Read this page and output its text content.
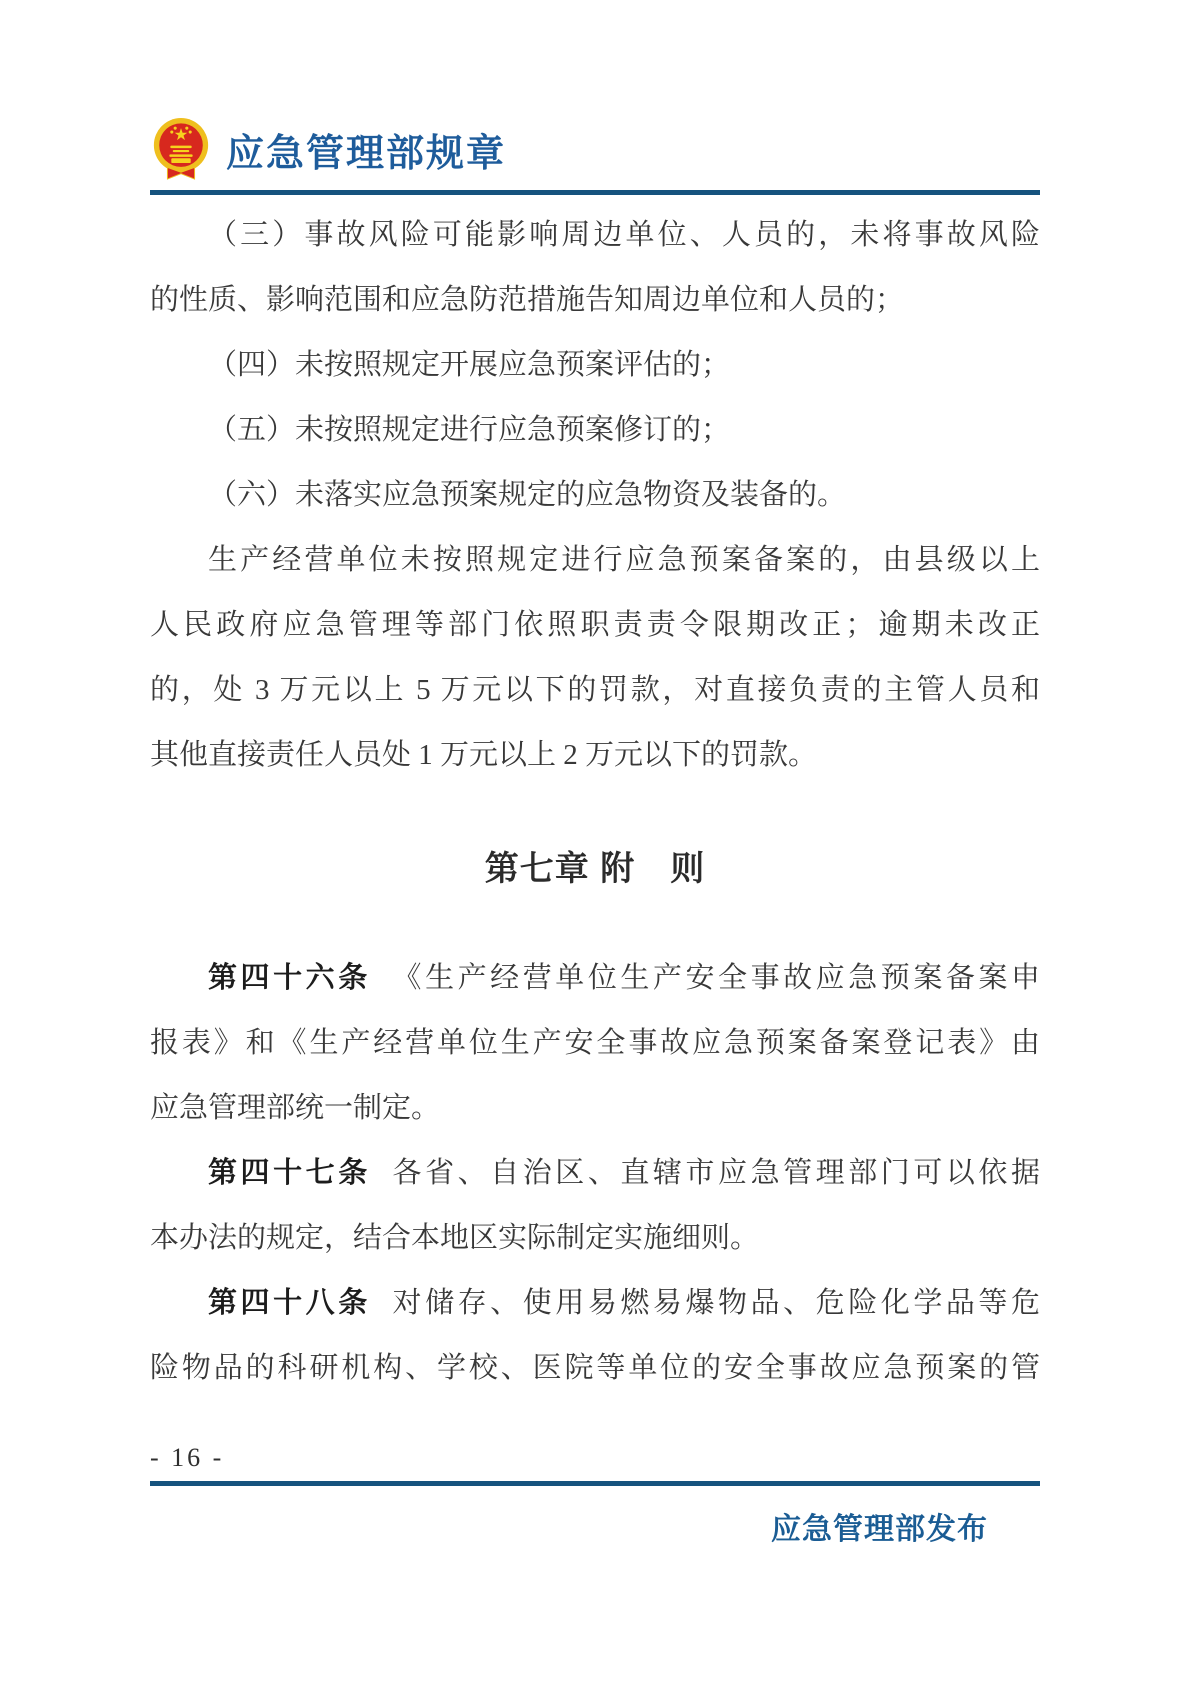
应急管理部规章
（三）事故风险可能影响周边单位、人员的，未将事故风险
的性质、影响范围和应急防范措施告知周边单位和人员的；
（四）未按照规定开展应急预案评估的；
（五）未按照规定进行应急预案修订的；
（六）未落实应急预案规定的应急物资及装备的。
生产经营单位未按照规定进行应急预案备案的，由县级以上
人民政府应急管理等部门依照职责责令限期改正；逾期未改正
的，处 3 万元以上 5 万元以下的罚款，对直接负责的主管人员和
其他直接责任人员处 1 万元以上 2 万元以下的罚款。
第七章 附　则
第四十六条 《生产经营单位生产安全事故应急预案备案申
报表》和《生产经营单位生产安全事故应急预案备案登记表》由
应急管理部统一制定。
第四十七条 各省、自治区、直辖市应急管理部门可以依据
本办法的规定，结合本地区实际制定实施细则。
第四十八条 对储存、使用易燃易爆物品、危险化学品等危
险物品的科研机构、学校、医院等单位的安全事故应急预案的管
- 16 -
应急管理部发布
